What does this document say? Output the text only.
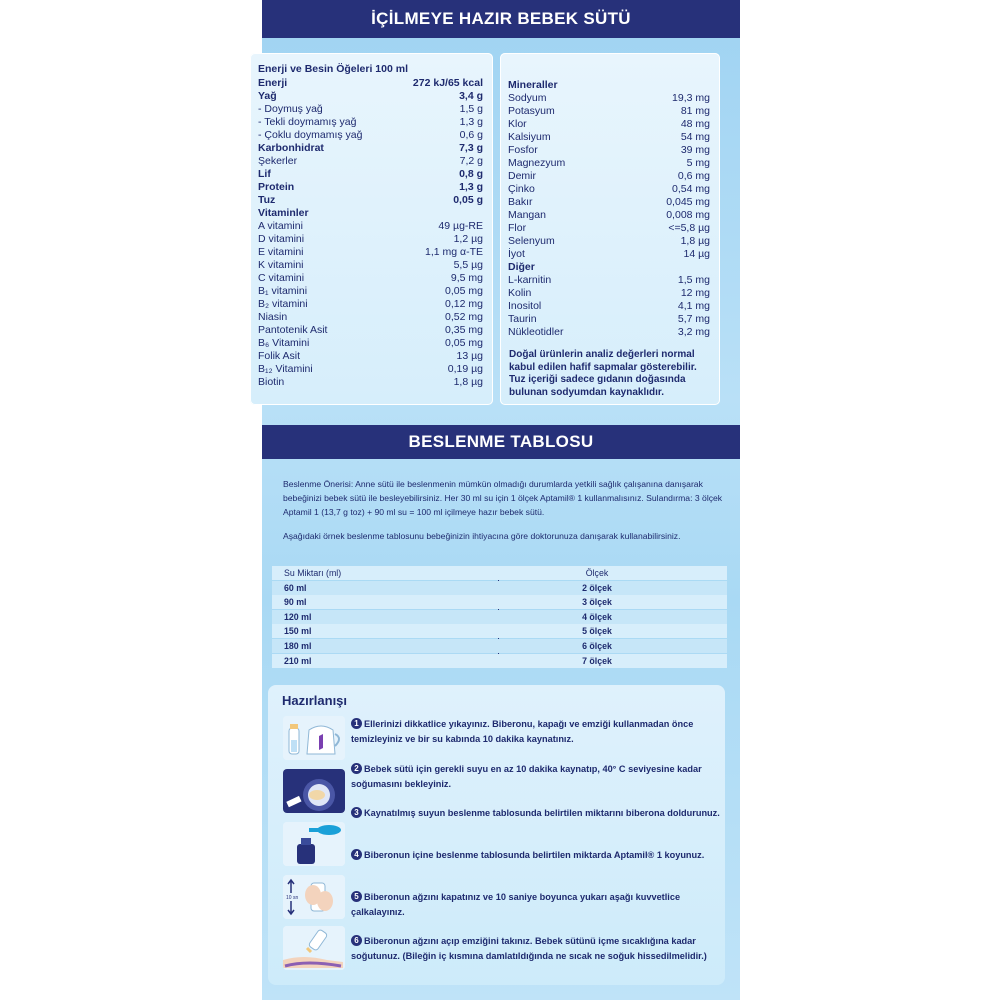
İÇİLMEYE HAZIR BEBEK SÜTÜ
Enerji ve Besin Öğeleri 100 ml
Enerji	272 kJ/65 kcal
Yağ	3,4 g
- Doymuş yağ	1,5 g
- Tekli doymamış yağ	1,3 g
- Çoklu doymamış yağ	0,6 g
Karbonhidrat	7,3 g
Şekerler	7,2 g
Lif	0,8 g
Protein	1,3 g
Tuz	0,05 g
Vitaminler
A vitamini	49 µg-RE
D vitamini	1,2 µg
E vitamini	1,1 mg α-TE
K vitamini	5,5 µg
C vitamini	9,5 mg
B₁ vitamini	0,05 mg
B₂ vitamini	0,12 mg
Niasin	0,52 mg
Pantotenik Asit	0,35 mg
B₆ Vitamini	0,05 mg
Folik Asit	13 µg
B₁₂ Vitamini	0,19 µg
Biotin	1,8 µg
Mineraller
Sodyum	19,3 mg
Potasyum	81 mg
Klor	48 mg
Kalsiyum	54 mg
Fosfor	39 mg
Magnezyum	5 mg
Demir	0,6 mg
Çinko	0,54 mg
Bakır	0,045 mg
Mangan	0,008 mg
Flor	<=5,8 µg
Selenyum	1,8 µg
İyot	14 µg
Diğer
L-karnitin	1,5 mg
Kolin	12 mg
Inositol	4,1 mg
Taurin	5,7 mg
Nükleotidler	3,2 mg
Doğal ürünlerin analiz değerleri normal kabul edilen hafif sapmalar gösterebilir. Tuz içeriği sadece gıdanın doğasında bulunan sodyumdan kaynaklıdır.
BESLENME TABLOSU

Beslenme Önerisi: Anne sütü ile beslenmenin mümkün olmadığı durumlarda yetkili sağlık çalışanına danışarak bebeğinizi bebek sütü ile besleyebilirsiniz. Her 30 ml su için 1 ölçek Aptamil® 1 kullanmalısınız. Sulandırma: 3 ölçek Aptamil 1 (13,7 g toz) + 90 ml su = 100 ml içilmeye hazır bebek sütü.

Aşağıdaki örnek beslenme tablosunu bebeğinizin ihtiyacına göre doktorunuza danışarak kullanabilirsiniz.

Su Miktarı (ml)	Ölçek
60 ml	2 ölçek
90 ml	3 ölçek
120 ml	4 ölçek
150 ml	5 ölçek
180 ml	6 ölçek
210 ml	7 ölçek
Hazırlanışı
10 sn
1 Ellerinizi dikkatlice yıkayınız. Biberonu, kapağı ve emziği kullanmadan önce temizleyiniz ve bir su kabında 10 dakika kaynatınız.
2 Bebek sütü için gerekli suyu en az 10 dakika kaynatıp, 40° C seviyesine kadar soğumasını bekleyiniz.
3 Kaynatılmış suyun beslenme tablosunda belirtilen miktarını biberona doldurunuz.
4 Biberonun içine beslenme tablosunda belirtilen miktarda Aptamil® 1 koyunuz.
5 Biberonun ağzını kapatınız ve 10 saniye boyunca yukarı aşağı kuvvetlice çalkalayınız.
6 Biberonun ağzını açıp emziğini takınız. Bebek sütünü içme sıcaklığına kadar soğutunuz. (Bileğin iç kısmına damlatıldığında ne sıcak ne soğuk hissedilmelidir.)
